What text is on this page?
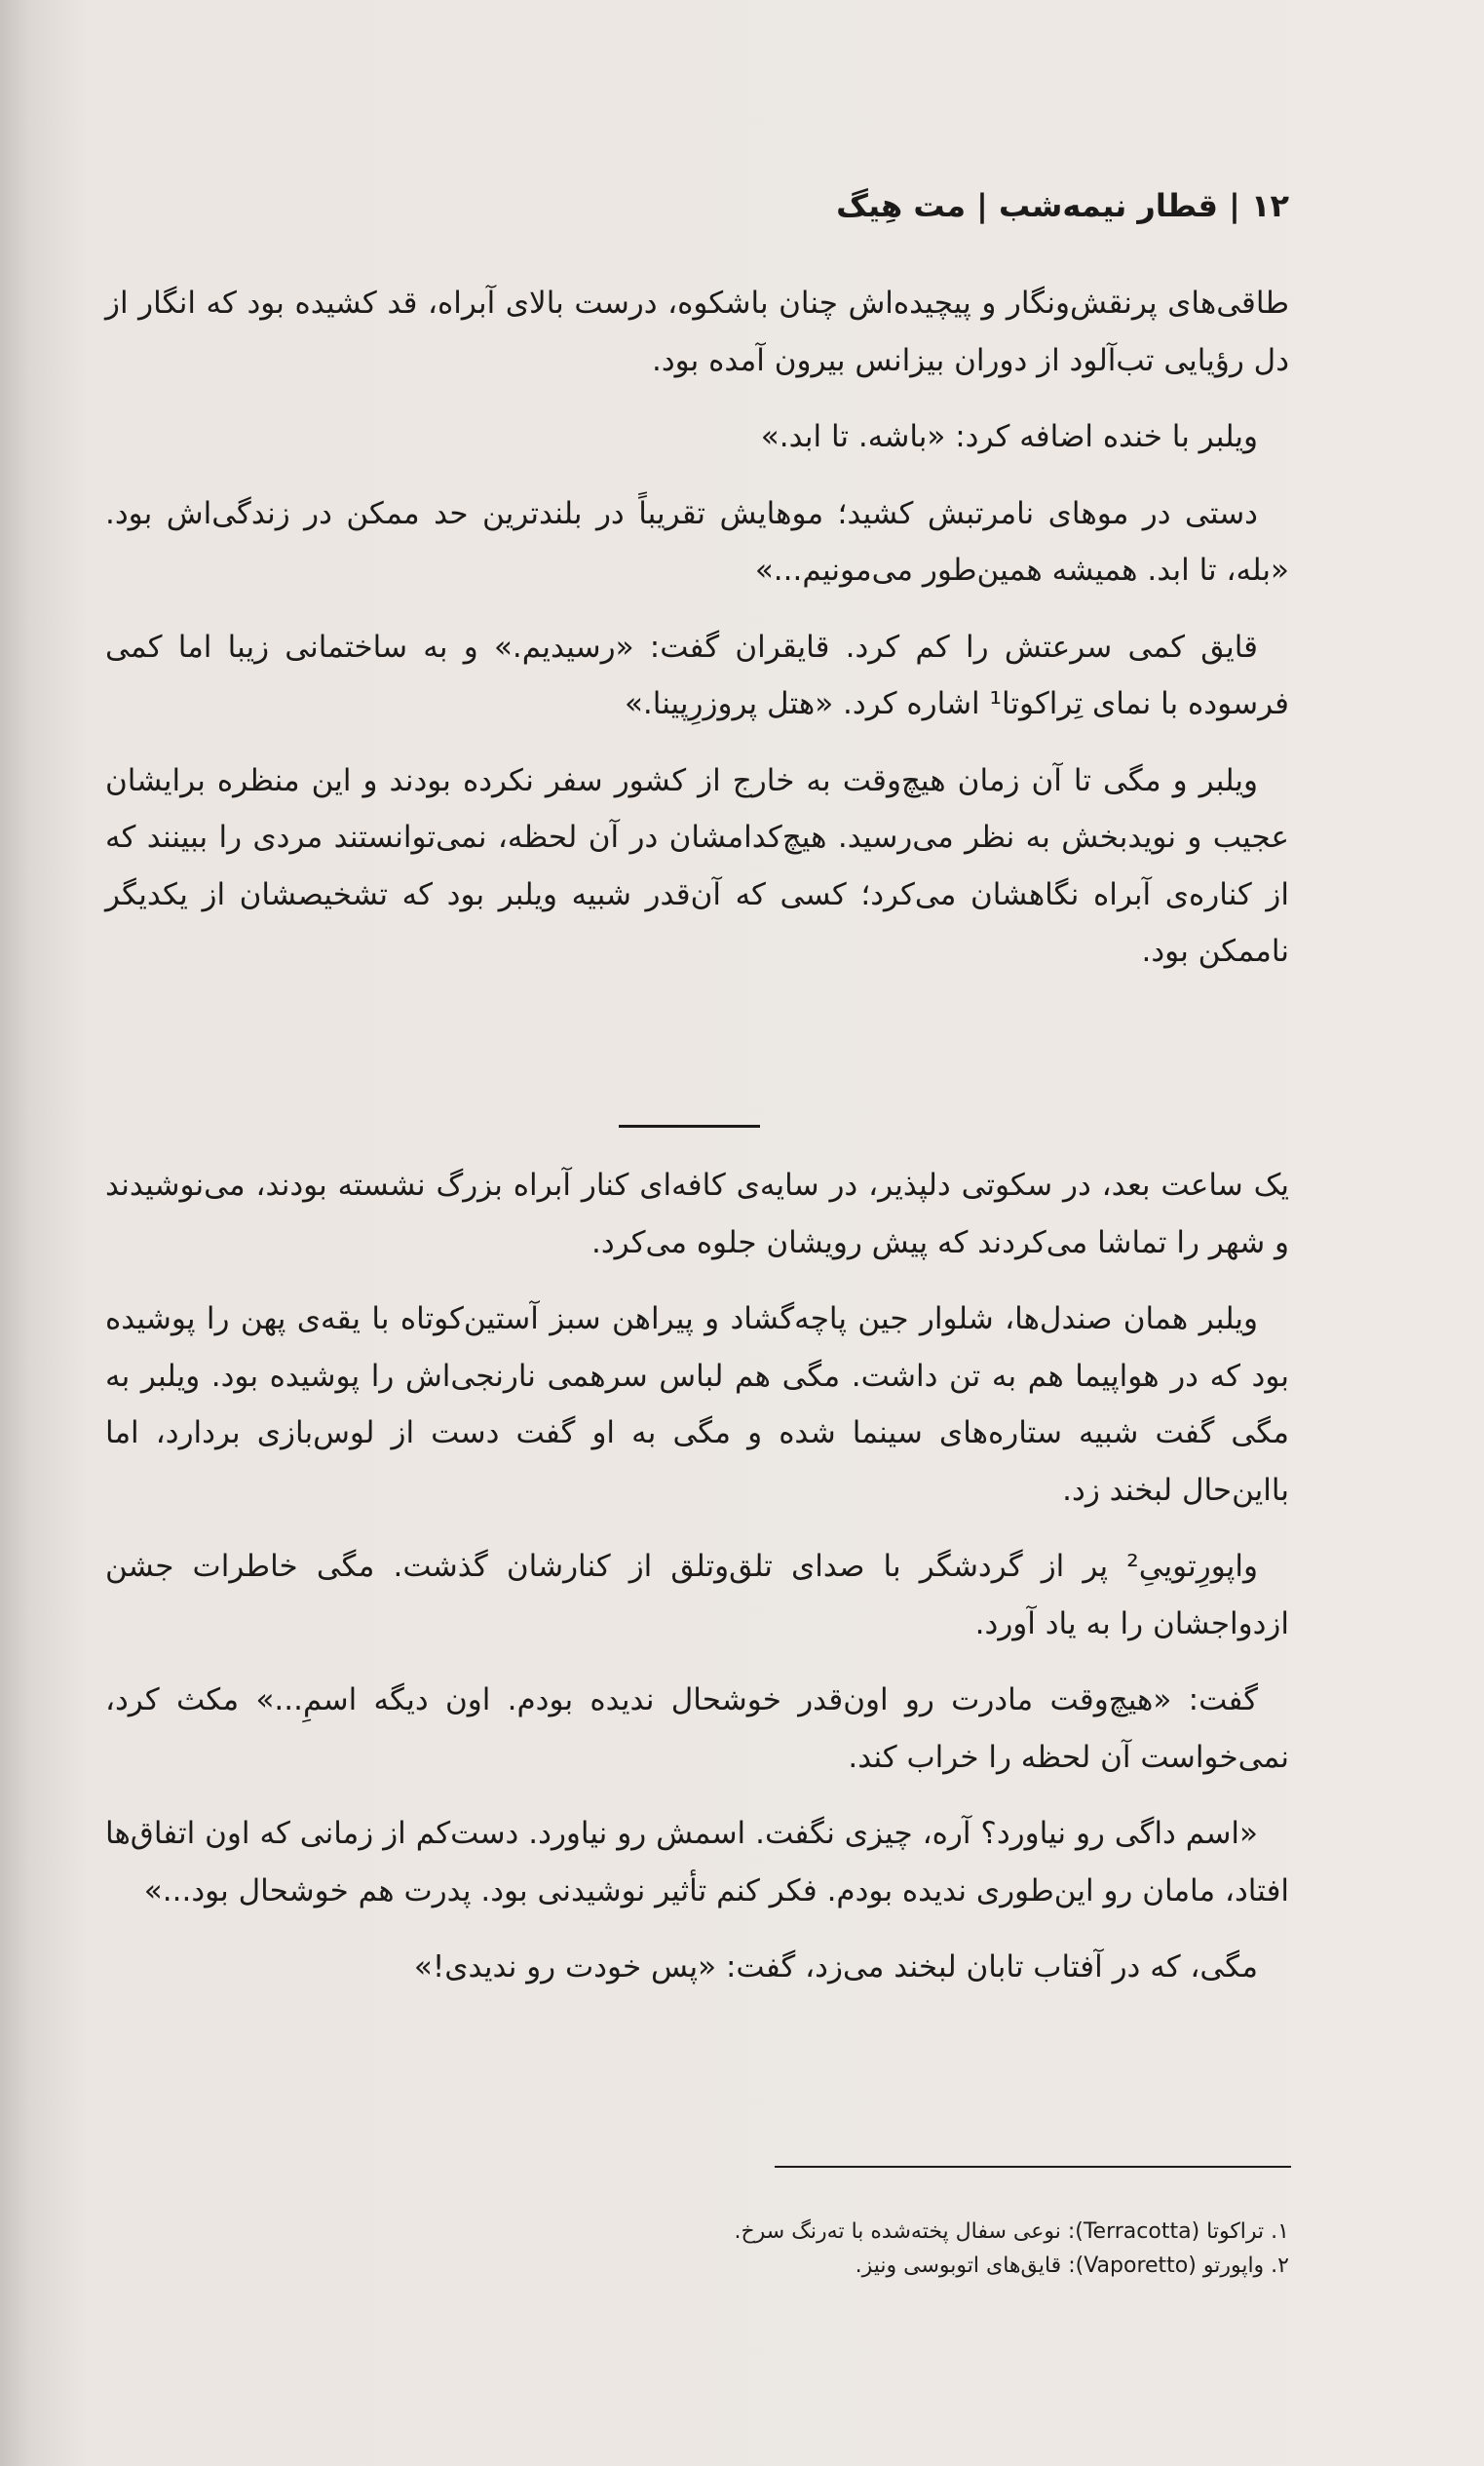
۱۲ | قطار نیمه‌شب | مت هِیگ

طاقی‌های پرنقش‌ونگار و پیچیده‌اش چنان باشکوه، درست بالای آبراه، قد کشیده بود که انگار از دل رؤیایی تب‌آلود از دوران بیزانس بیرون آمده بود.

ویلبر با خنده اضافه کرد: «باشه. تا ابد.»

دستی در موهای نامرتبش کشید؛ موهایش تقریباً در بلندترین حد ممکن در زندگی‌اش بود. «بله، تا ابد. همیشه همین‌طور می‌مونیم...»

قایق کمی سرعتش را کم کرد. قایقران گفت: «رسیدیم.» و به ساختمانی زیبا اما کمی فرسوده با نمای تِراکوتا¹ اشاره کرد. «هتل پروزرِپینا.»

ویلبر و مگی تا آن زمان هیچ‌وقت به خارج از کشور سفر نکرده بودند و این منظره برایشان عجیب و نویدبخش به نظر می‌رسید. هیچ‌کدامشان در آن لحظه، نمی‌توانستند مردی را ببینند که از کناره‌ی آبراه نگاهشان می‌کرد؛ کسی که آن‌قدر شبیه ویلبر بود که تشخیصشان از یکدیگر ناممکن بود.

یک ساعت بعد، در سکوتی دلپذیر، در سایه‌ی کافه‌ای کنار آبراه بزرگ نشسته بودند، می‌نوشیدند و شهر را تماشا می‌کردند که پیش رویشان جلوه می‌کرد.

ویلبر همان صندل‌ها، شلوار جین پاچه‌گشاد و پیراهن سبز آستین‌کوتاه با یقه‌ی پهن را پوشیده بود که در هواپیما هم به تن داشت. مگی هم لباس سرهمی نارنجی‌اش را پوشیده بود. ویلبر به مگی گفت شبیه ستاره‌های سینما شده و مگی به او گفت دست از لوس‌بازی بردارد، اما بااین‌حال لبخند زد.

واپورِتوییِ² پر از گردشگر با صدای تلق‌وتلق از کنارشان گذشت. مگی خاطرات جشن ازدواجشان را به یاد آورد.

گفت: «هیچ‌وقت مادرت رو اون‌قدر خوشحال ندیده بودم. اون دیگه اسمِ...» مکث کرد، نمی‌خواست آن لحظه را خراب کند.

«اسم داگی رو نیاورد؟ آره، چیزی نگفت. اسمش رو نیاورد. دست‌کم از زمانی که اون اتفاق‌ها افتاد، مامان رو این‌طوری ندیده بودم. فکر کنم تأثیر نوشیدنی بود. پدرت هم خوشحال بود...»

مگی، که در آفتاب تابان لبخند می‌زد، گفت: «پس خودت رو ندیدی!»

۱. تراکوتا (Terracotta): نوعی سفال پخته‌شده با ته‌رنگ سرخ.
۲. واپورتو (Vaporetto): قایق‌های اتوبوسی ونیز.
